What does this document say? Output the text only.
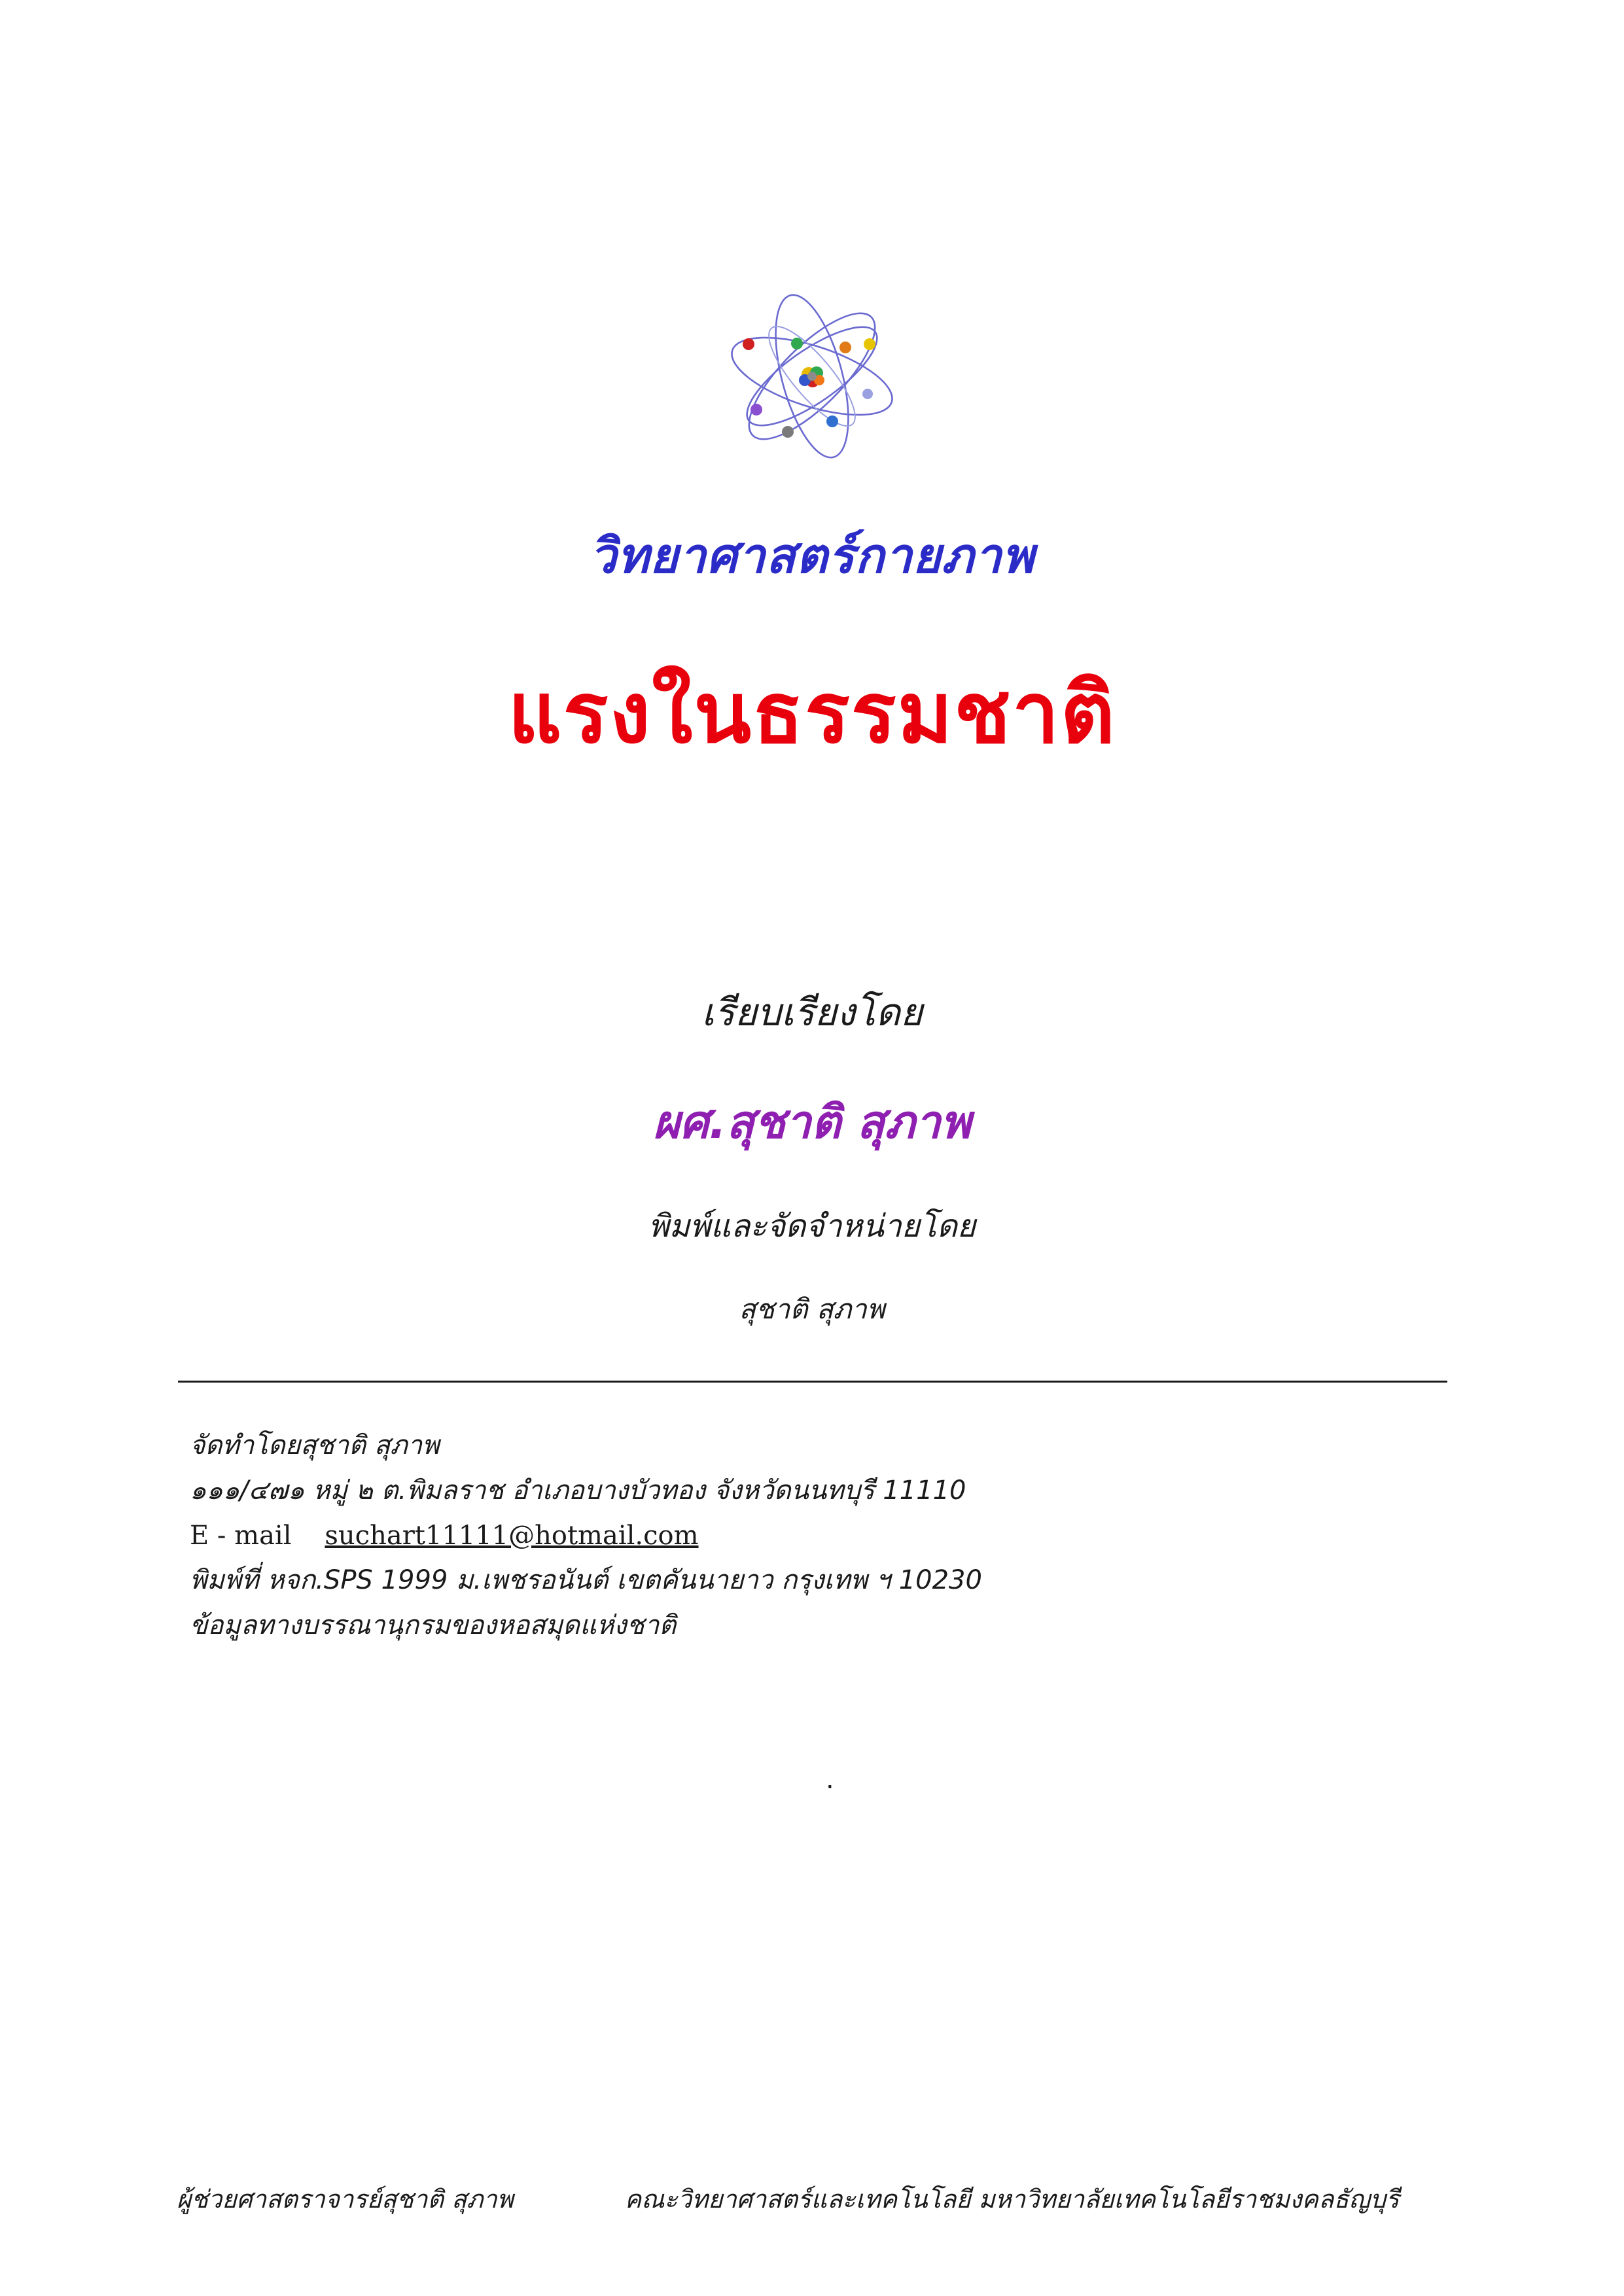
วิทยาศาสตร์กายภาพ
แรงในธรรมชาติ
เรียบเรียงโดย
ผศ.สุชาติ สุภาพ
พิมพ์และจัดจำหน่ายโดย
สุชาติ สุภาพ
จัดทำโดยสุชาติ สุภาพ
๑๑๑/๔๗๑ หมู่ ๒ ต.พิมลราช อำเภอบางบัวทอง จังหวัดนนทบุรี 11110
E - mail suchart11111@hotmail.com
พิมพ์ที่ หจก.SPS 1999 ม.เพชรอนันต์ เขตคันนายาว กรุงเทพ ฯ 10230
ข้อมูลทางบรรณานุกรมของหอสมุดแห่งชาติ
.
ผู้ช่วยศาสตราจารย์สุชาติ สุภาพ	คณะวิทยาศาสตร์และเทคโนโลยี มหาวิทยาลัยเทคโนโลยีราชมงคลธัญบุรี
